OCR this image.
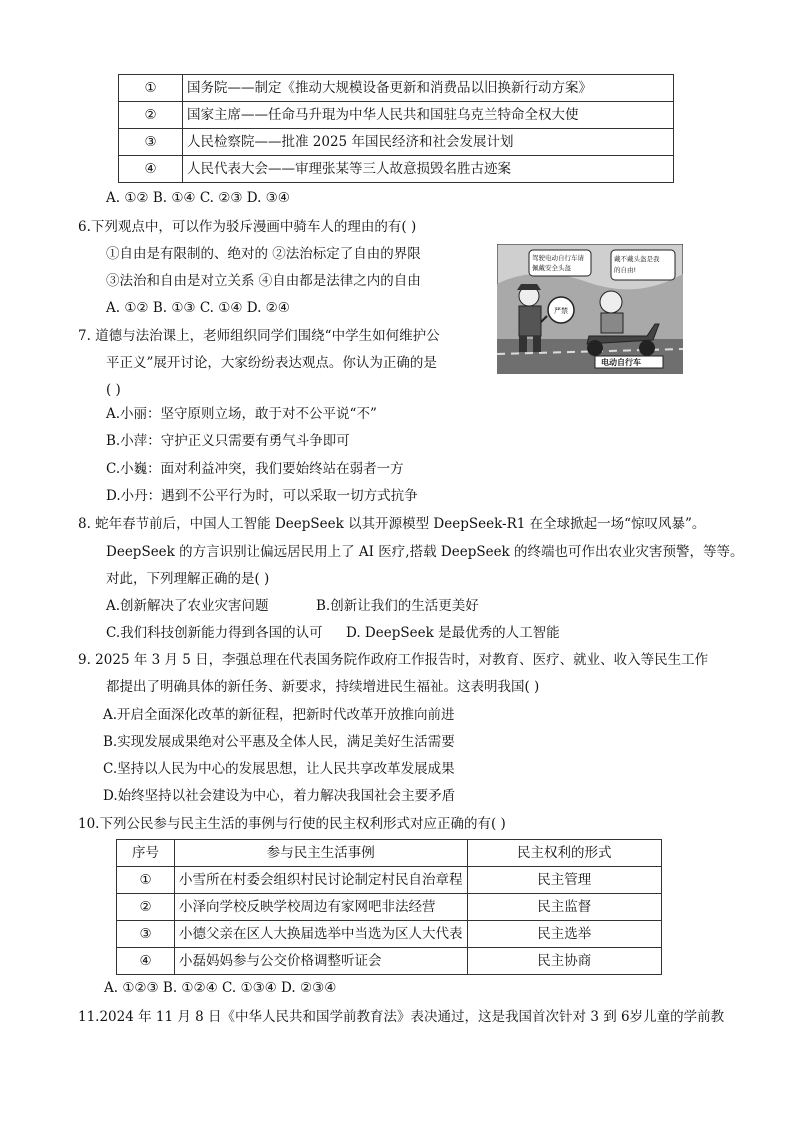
①	国务院——制定《推动大规模设备更新和消费品以旧换新行动方案》
②	国家主席——任命马升琨为中华人民共和国驻乌克兰特命全权大使
③	人民检察院——批准 2025 年国民经济和社会发展计划
④	人民代表大会——审理张某等三人故意损毁名胜古迹案
A. ①② B. ①④ C. ②③ D. ③④
6.下列观点中，可以作为驳斥漫画中骑车人的理由的有( )
①自由是有限制的、绝对的 ②法治标定了自由的界限
③法治和自由是对立关系 ④自由都是法律之内的自由
A. ①② B. ①③ C. ①④ D. ②④
驾驶电动自行车请
佩戴安全头盔
戴不戴头盔是我
的自由!
严禁
电动自行车
7. 道德与法治课上，老师组织同学们围绕“中学生如何维护公
平正义”展开讨论，大家纷纷表达观点。你认为正确的是
( )
A.小丽：坚守原则立场，敢于对不公平说“不”
B.小萍：守护正义只需要有勇气斗争即可
C.小巍：面对利益冲突，我们要始终站在弱者一方
D.小丹：遇到不公平行为时，可以采取一切方式抗争
8. 蛇年春节前后，中国人工智能 DeepSeek 以其开源模型 DeepSeek-R1 在全球掀起一场“惊叹风暴”。
DeepSeek 的方言识别让偏远居民用上了 AI 医疗,搭载 DeepSeek 的终端也可作出农业灾害预警，等等。
对此，下列理解正确的是( )
A.创新解决了农业灾害问题	B.创新让我们的生活更美好
C.我们科技创新能力得到各国的认可 D. DeepSeek 是最优秀的人工智能
9. 2025 年 3 月 5 日，李强总理在代表国务院作政府工作报告时，对教育、医疗、就业、收入等民生工作
都提出了明确具体的新任务、新要求，持续增进民生福祉。这表明我国( )
A.开启全面深化改革的新征程，把新时代改革开放推向前进
B.实现发展成果绝对公平惠及全体人民，满足美好生活需要
C.坚持以人民为中心的发展思想，让人民共享改革发展成果
D.始终坚持以社会建设为中心，着力解决我国社会主要矛盾
10.下列公民参与民主生活的事例与行使的民主权利形式对应正确的有( )
序号	参与民主生活事例	民主权利的形式
①	小雪所在村委会组织村民讨论制定村民自治章程	民主管理
②	小泽向学校反映学校周边有家网吧非法经营	民主监督
③	小德父亲在区人大换届选举中当选为区人大代表	民主选举
④	小磊妈妈参与公交价格调整听证会	民主协商
A. ①②③ B. ①②④ C. ①③④ D. ②③④
11.2024 年 11 月 8 日《中华人民共和国学前教育法》表决通过，这是我国首次针对 3 到 6岁儿童的学前教
